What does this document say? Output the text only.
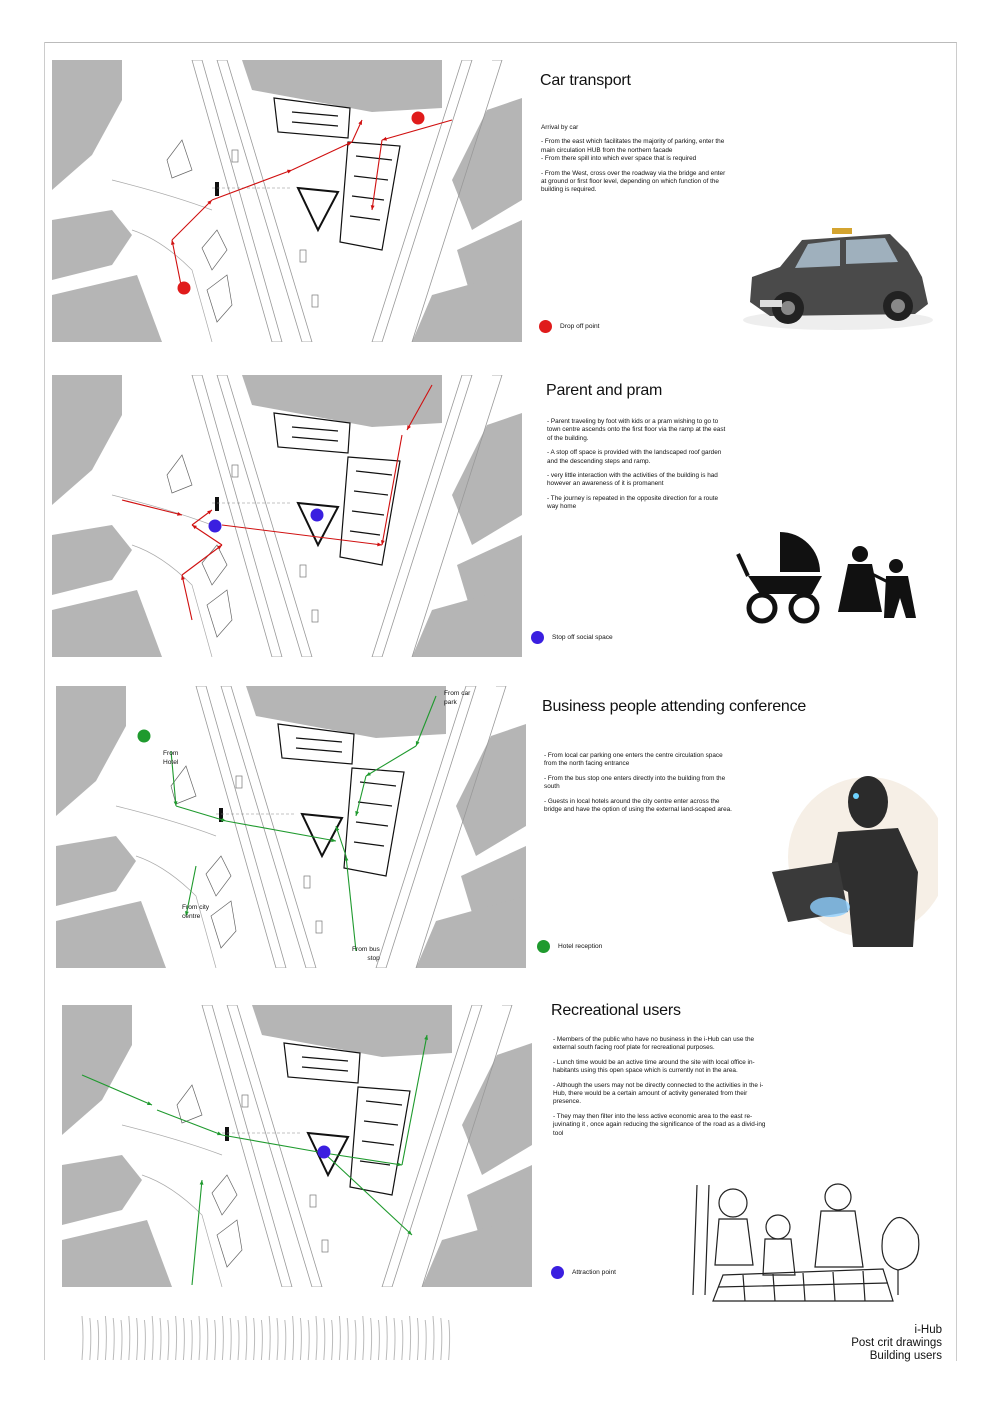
Car transport

Arrival by car

- From the east which facilitates the majority of parking, enter the main circulation HUB from the northern facade
- From there spill into which ever space that is required

- From the West, cross over the roadway via the bridge and enter at ground or first floor level, depending on which function of the building is required.

Drop off point
Parent and pram

- Parent traveling by foot with kids or a pram wishing to go to town centre ascends onto the first floor via the ramp at the east of the building.

- A stop off space is provided with the landscaped roof garden and the descending steps and ramp.

- very little interaction with the activities of the building is had however an awareness of it is promanent

- The journey is repeated in the opposite direction for a route way home

Stop off social space
From car
park
From
Hotel
From city
centre
From bus
stop
Business people attending conference

- From local car parking one enters the centre circulation space from the north facing entrance

- From the bus stop one enters directly into the building from the south

- Guests in local hotels around the city centre enter across the bridge and have the option of using the external land-scaped area.

Hotel reception
Recreational users

- Members of the public who have no business in the i-Hub can use the external south facing roof plate for recreational purposes.

- Lunch time would be an active time around the site with local office in-habitants using this open space which is currently not in the area.

- Although the users may not be directly connected to the activities in the i-Hub, there would be a certain amount of activity generated from their presence.

- They may then filter into the less active economic area to the east re-juvinating it , once again reducing the significance of the road as a divid-ing tool

Attraction point
i-Hub
Post crit drawings
Building users
